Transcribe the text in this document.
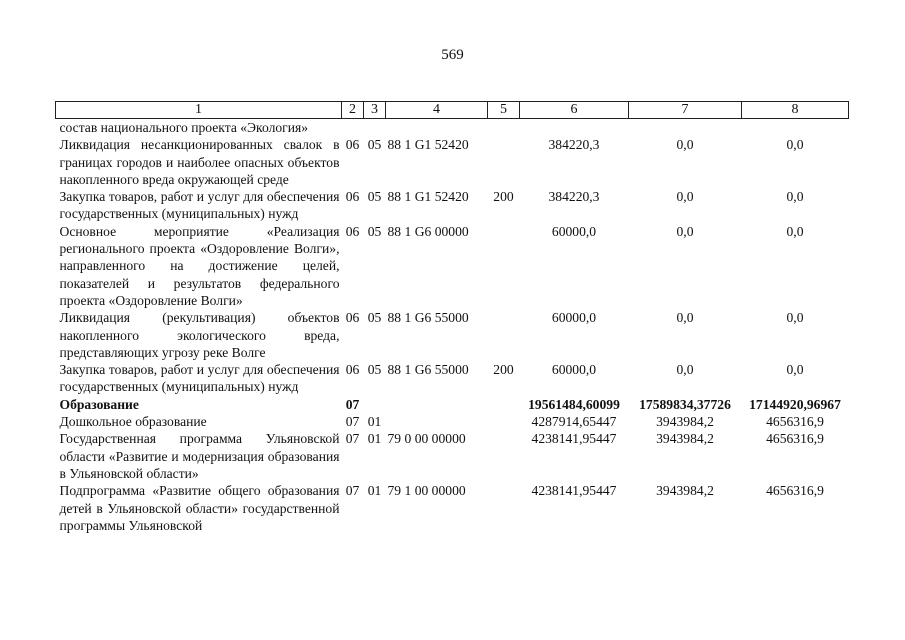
569
1	2	3	4	5	6	7	8
состав национального проекта «Экология»							
Ликвидация несанкционированных свалок в границах городов и наиболее опасных объектов накопленного вреда окружающей среде	06	05	88 1 G1 52420		384220,3	0,0	0,0
Закупка товаров, работ и услуг для обеспечения государственных (муниципальных) нужд	06	05	88 1 G1 52420	200	384220,3	0,0	0,0
Основное мероприятие «Реализация регионального проекта «Оздоровление Волги», направленного на достижение целей, показателей и результатов федерального проекта «Оздоровление Волги»	06	05	88 1 G6 00000		60000,0	0,0	0,0
Ликвидация (рекультивация) объектов накопленного экологического вреда, представляющих угрозу реке Волге	06	05	88 1 G6 55000		60000,0	0,0	0,0
Закупка товаров, работ и услуг для обеспечения государственных (муниципальных) нужд	06	05	88 1 G6 55000	200	60000,0	0,0	0,0
Образование	07				19561484,60099	17589834,37726	17144920,96967
Дошкольное образование	07	01			4287914,65447	3943984,2	4656316,9
Государственная программа Ульяновской области «Развитие и модернизация образования в Ульяновской области»	07	01	79 0 00 00000		4238141,95447	3943984,2	4656316,9
Подпрограмма «Развитие общего образования детей в Ульяновской области» государственной программы Ульяновской	07	01	79 1 00 00000		4238141,95447	3943984,2	4656316,9
